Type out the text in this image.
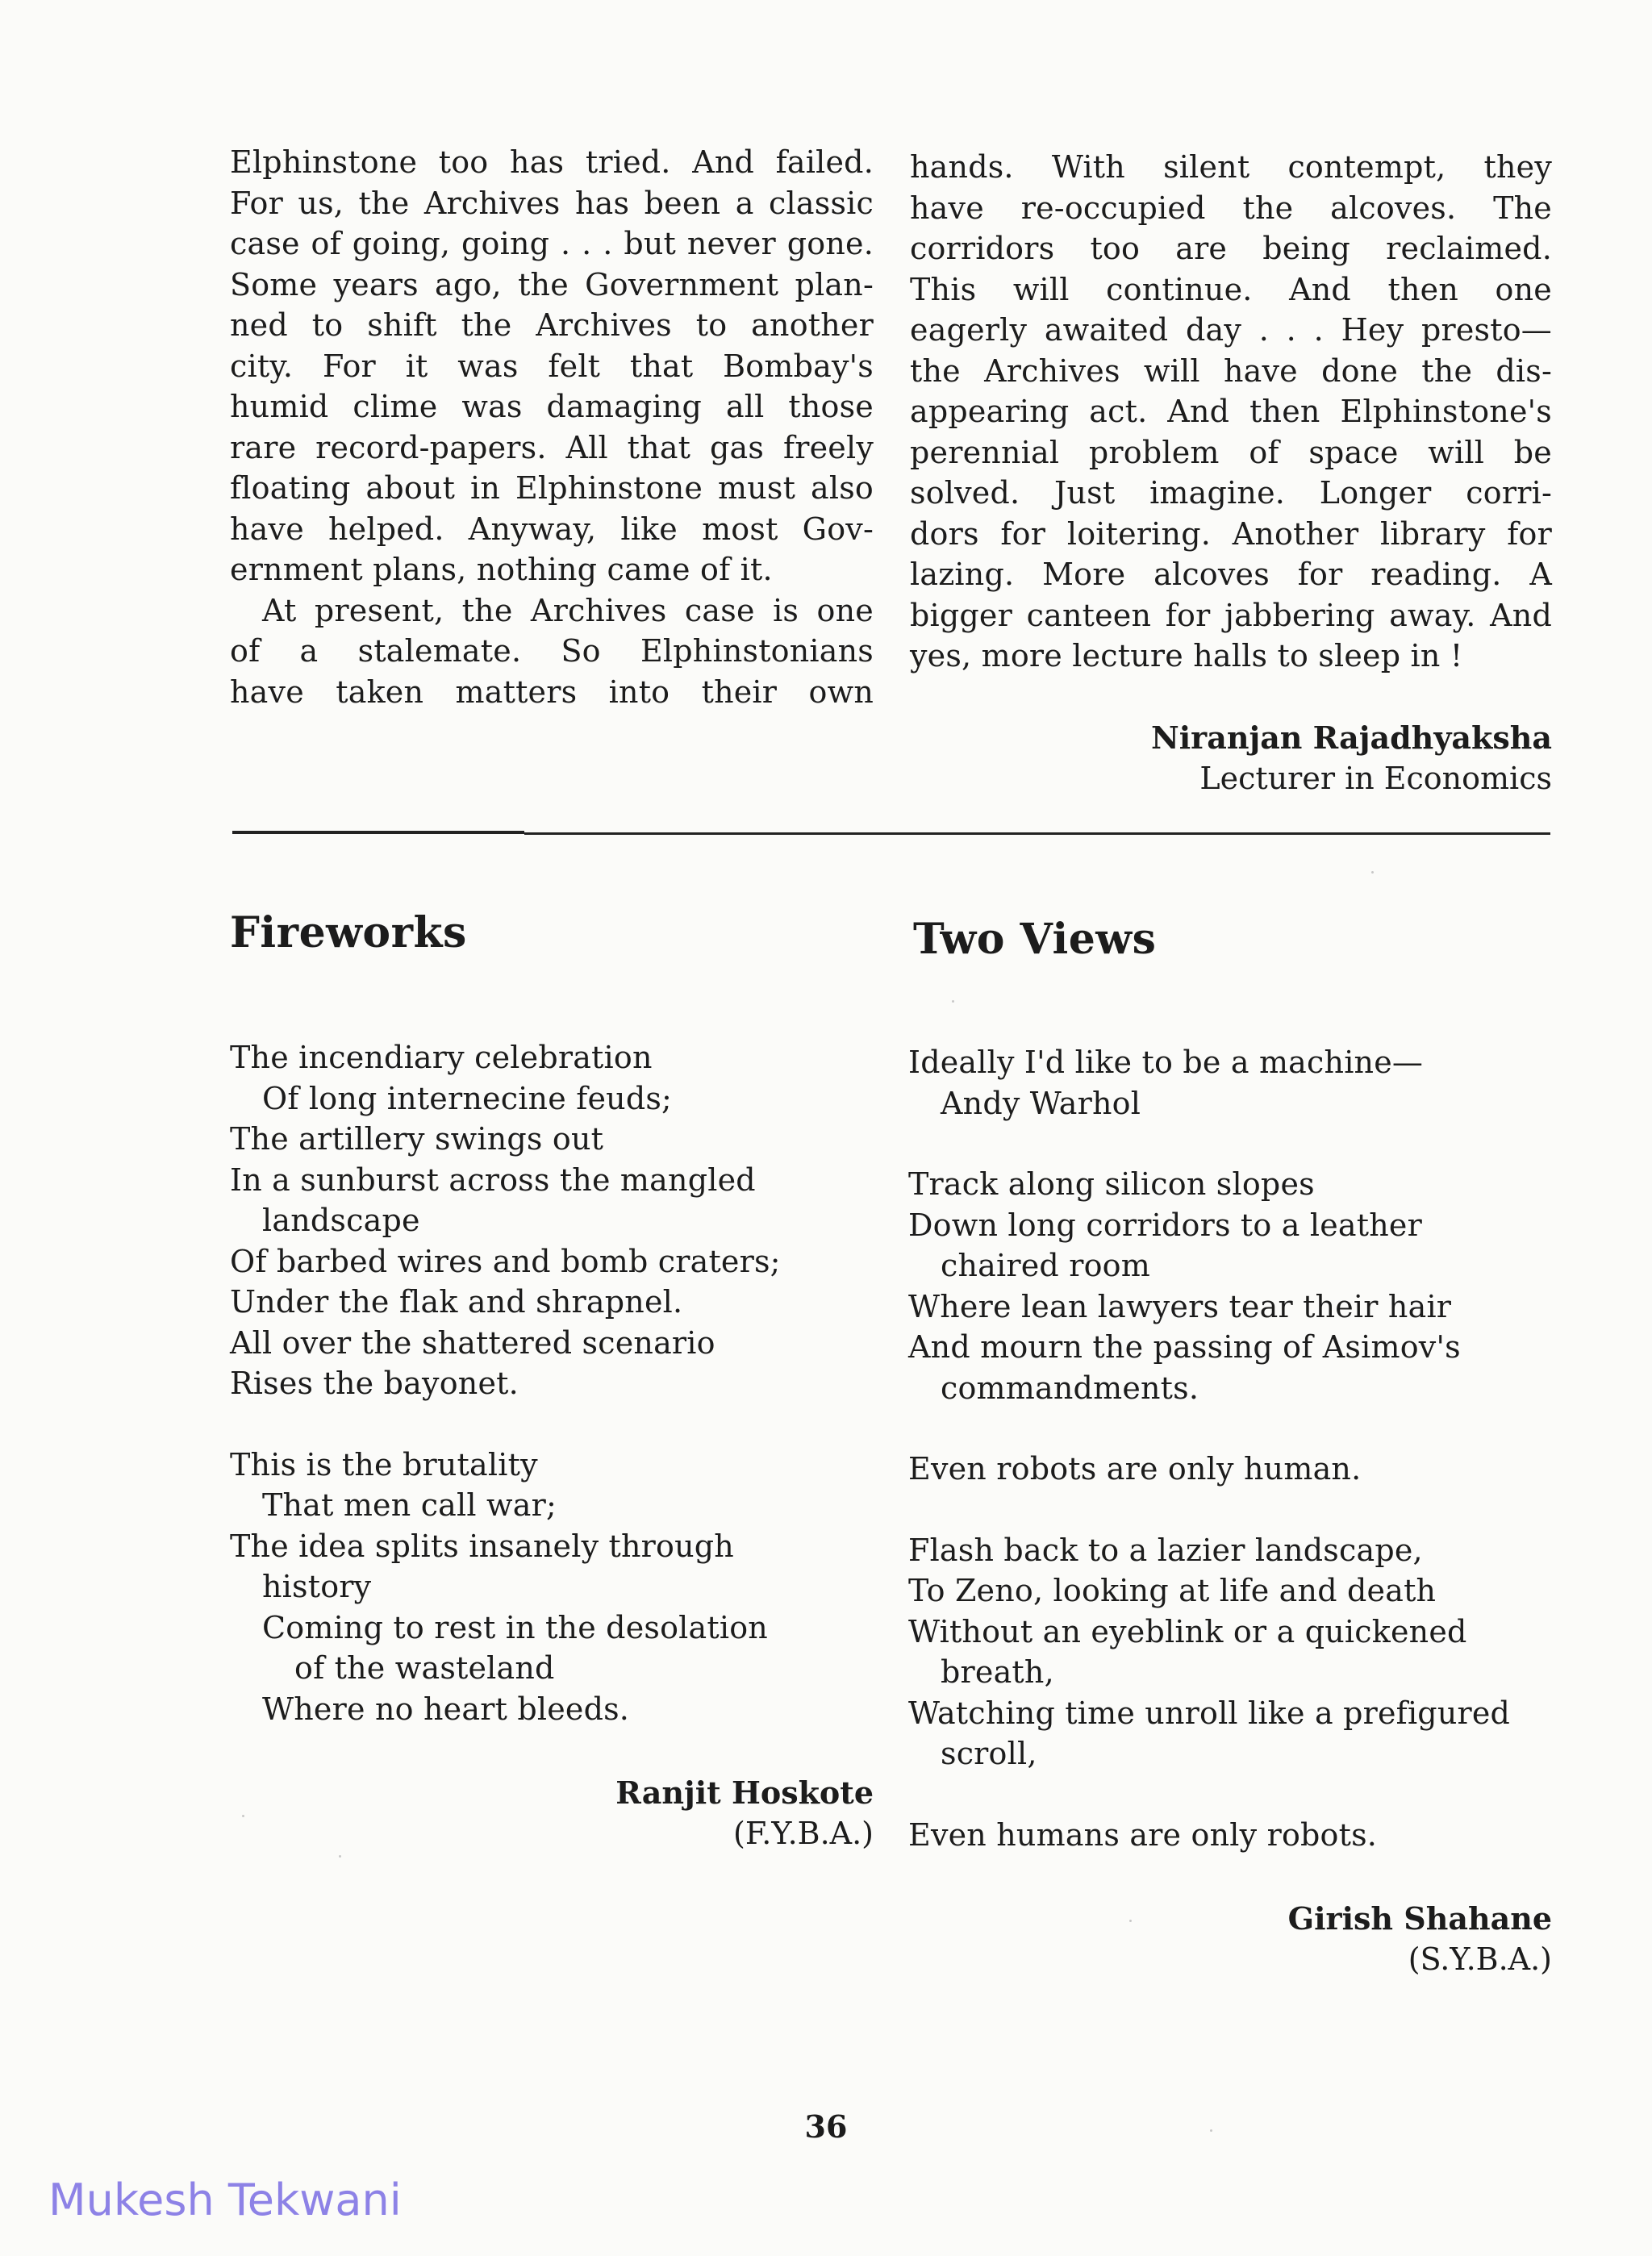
Elphinstone too has tried. And failed.
For us, the Archives has been a classic
case of going, going . . . but never gone.
Some years ago, the Government plan-
ned to shift the Archives to another
city. For it was felt that Bombay's
humid clime was damaging all those
rare record-papers. All that gas freely
floating about in Elphinstone must also
have helped. Anyway, like most Gov-
ernment plans, nothing came of it.
At present, the Archives case is one
of a stalemate. So Elphinstonians
have taken matters into their own
hands. With silent contempt, they
have re-occupied the alcoves. The
corridors too are being reclaimed.
This will continue. And then one
eagerly awaited day . . . Hey presto—
the Archives will have done the dis-
appearing act. And then Elphinstone's
perennial problem of space will be
solved. Just imagine. Longer corri-
dors for loitering. Another library for
lazing. More alcoves for reading. A
bigger canteen for jabbering away. And
yes, more lecture halls to sleep in !
Niranjan Rajadhyaksha
Lecturer in Economics
Fireworks
The incendiary celebration
Of long internecine feuds;
The artillery swings out
In a sunburst across the mangled
landscape
Of barbed wires and bomb craters;
Under the flak and shrapnel.
All over the shattered scenario
Rises the bayonet.
This is the brutality
That men call war;
The idea splits insanely through
history
Coming to rest in the desolation
of the wasteland
Where no heart bleeds.
Ranjit Hoskote
(F.Y.B.A.)
Two Views
Ideally I'd like to be a machine—
Andy Warhol
Track along silicon slopes
Down long corridors to a leather
chaired room
Where lean lawyers tear their hair
And mourn the passing of Asimov's
commandments.
Even robots are only human.
Flash back to a lazier landscape,
To Zeno, looking at life and death
Without an eyeblink or a quickened
breath,
Watching time unroll like a prefigured
scroll,
Even humans are only robots.
Girish Shahane
(S.Y.B.A.)
36
Mukesh Tekwani
